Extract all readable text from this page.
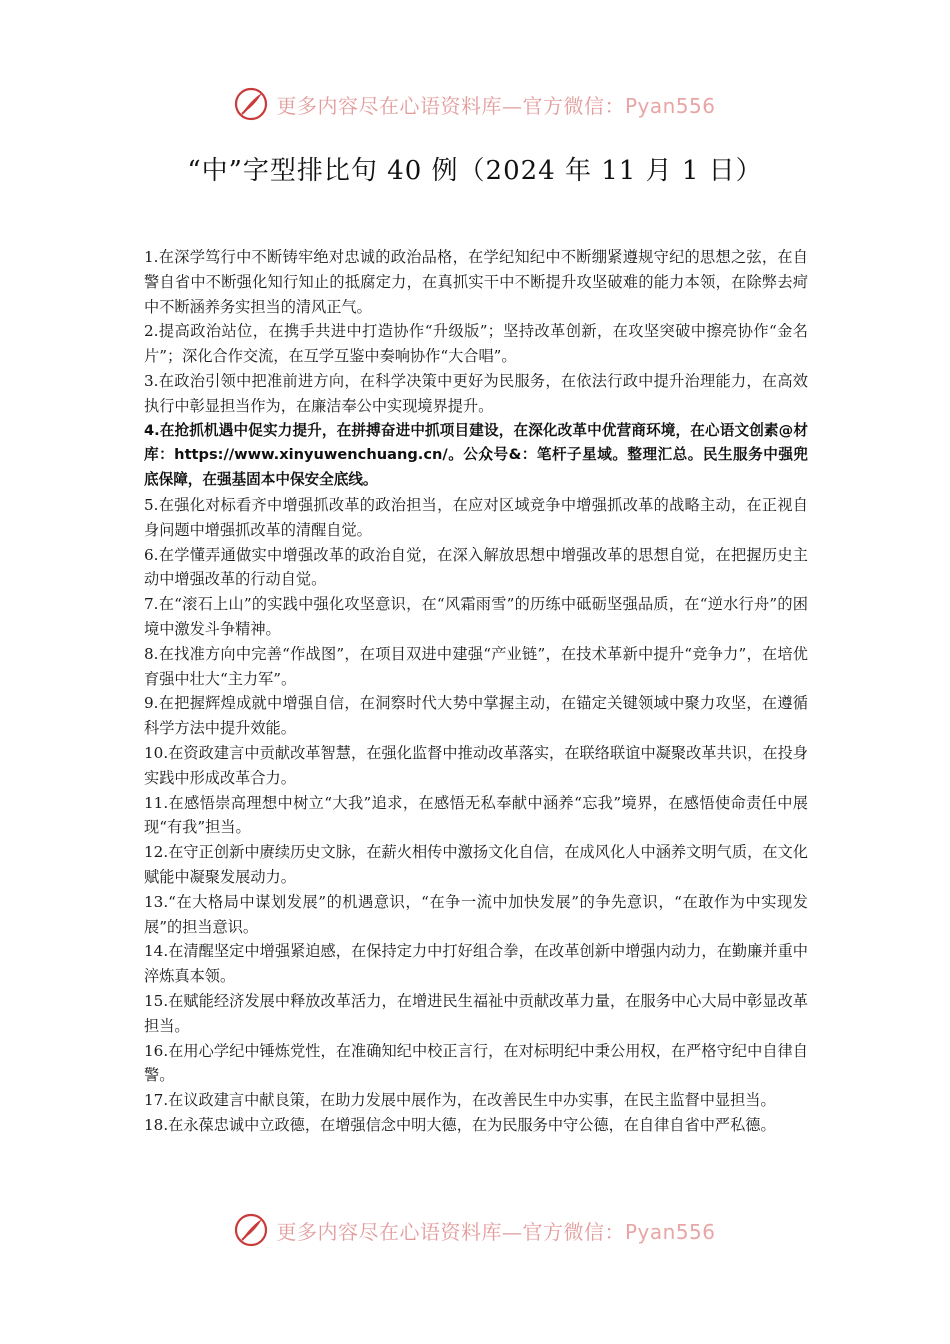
更多内容尽在心语资料库—官方微信：Pyan556
“中”字型排比句 40 例（2024 年 11 月 1 日）

1.在深学笃行中不断铸牢绝对忠诚的政治品格，在学纪知纪中不断绷紧遵规守纪的思想之弦，在自警自省中不断强化知行知止的抵腐定力，在真抓实干中不断提升攻坚破难的能力本领，在除弊去疴中不断涵养务实担当的清风正气。

2.提高政治站位，在携手共进中打造协作“升级版”；坚持改革创新，在攻坚突破中擦亮协作“金名片”；深化合作交流，在互学互鉴中奏响协作“大合唱”。

3.在政治引领中把准前进方向，在科学决策中更好为民服务，在依法行政中提升治理能力，在高效执行中彰显担当作为，在廉洁奉公中实现境界提升。

4.在抢抓机遇中促实力提升，在拼搏奋进中抓项目建设，在深化改革中优营商环境，在心语文创素@材库：https://www.xinyuwenchuang.cn/。公众号&：笔杆子星域。整理汇总。民生服务中强兜底保障，在强基固本中保安全底线。

5.在强化对标看齐中增强抓改革的政治担当，在应对区域竞争中增强抓改革的战略主动，在正视自身问题中增强抓改革的清醒自觉。

6.在学懂弄通做实中增强改革的政治自觉，在深入解放思想中增强改革的思想自觉，在把握历史主动中增强改革的行动自觉。

7.在“滚石上山”的实践中强化攻坚意识，在“风霜雨雪”的历练中砥砺坚强品质，在“逆水行舟”的困境中激发斗争精神。

8.在找准方向中完善“作战图”，在项目双进中建强“产业链”，在技术革新中提升“竞争力”，在培优育强中壮大“主力军”。

9.在把握辉煌成就中增强自信，在洞察时代大势中掌握主动，在锚定关键领域中聚力攻坚，在遵循科学方法中提升效能。

10.在资政建言中贡献改革智慧，在强化监督中推动改革落实，在联络联谊中凝聚改革共识，在投身实践中形成改革合力。

11.在感悟崇高理想中树立“大我”追求，在感悟无私奉献中涵养“忘我”境界，在感悟使命责任中展现“有我”担当。

12.在守正创新中赓续历史文脉，在薪火相传中激扬文化自信，在成风化人中涵养文明气质，在文化赋能中凝聚发展动力。

13.“在大格局中谋划发展”的机遇意识，“在争一流中加快发展”的争先意识，“在敢作为中实现发展”的担当意识。

14.在清醒坚定中增强紧迫感，在保持定力中打好组合拳，在改革创新中增强内动力，在勤廉并重中淬炼真本领。

15.在赋能经济发展中释放改革活力，在增进民生福祉中贡献改革力量，在服务中心大局中彰显改革担当。

16.在用心学纪中锤炼党性，在准确知纪中校正言行，在对标明纪中秉公用权，在严格守纪中自律自警。

17.在议政建言中献良策，在助力发展中展作为，在改善民生中办实事，在民主监督中显担当。

18.在永葆忠诚中立政德，在增强信念中明大德，在为民服务中守公德，在自律自省中严私德。

更多内容尽在心语资料库—官方微信：Pyan556
